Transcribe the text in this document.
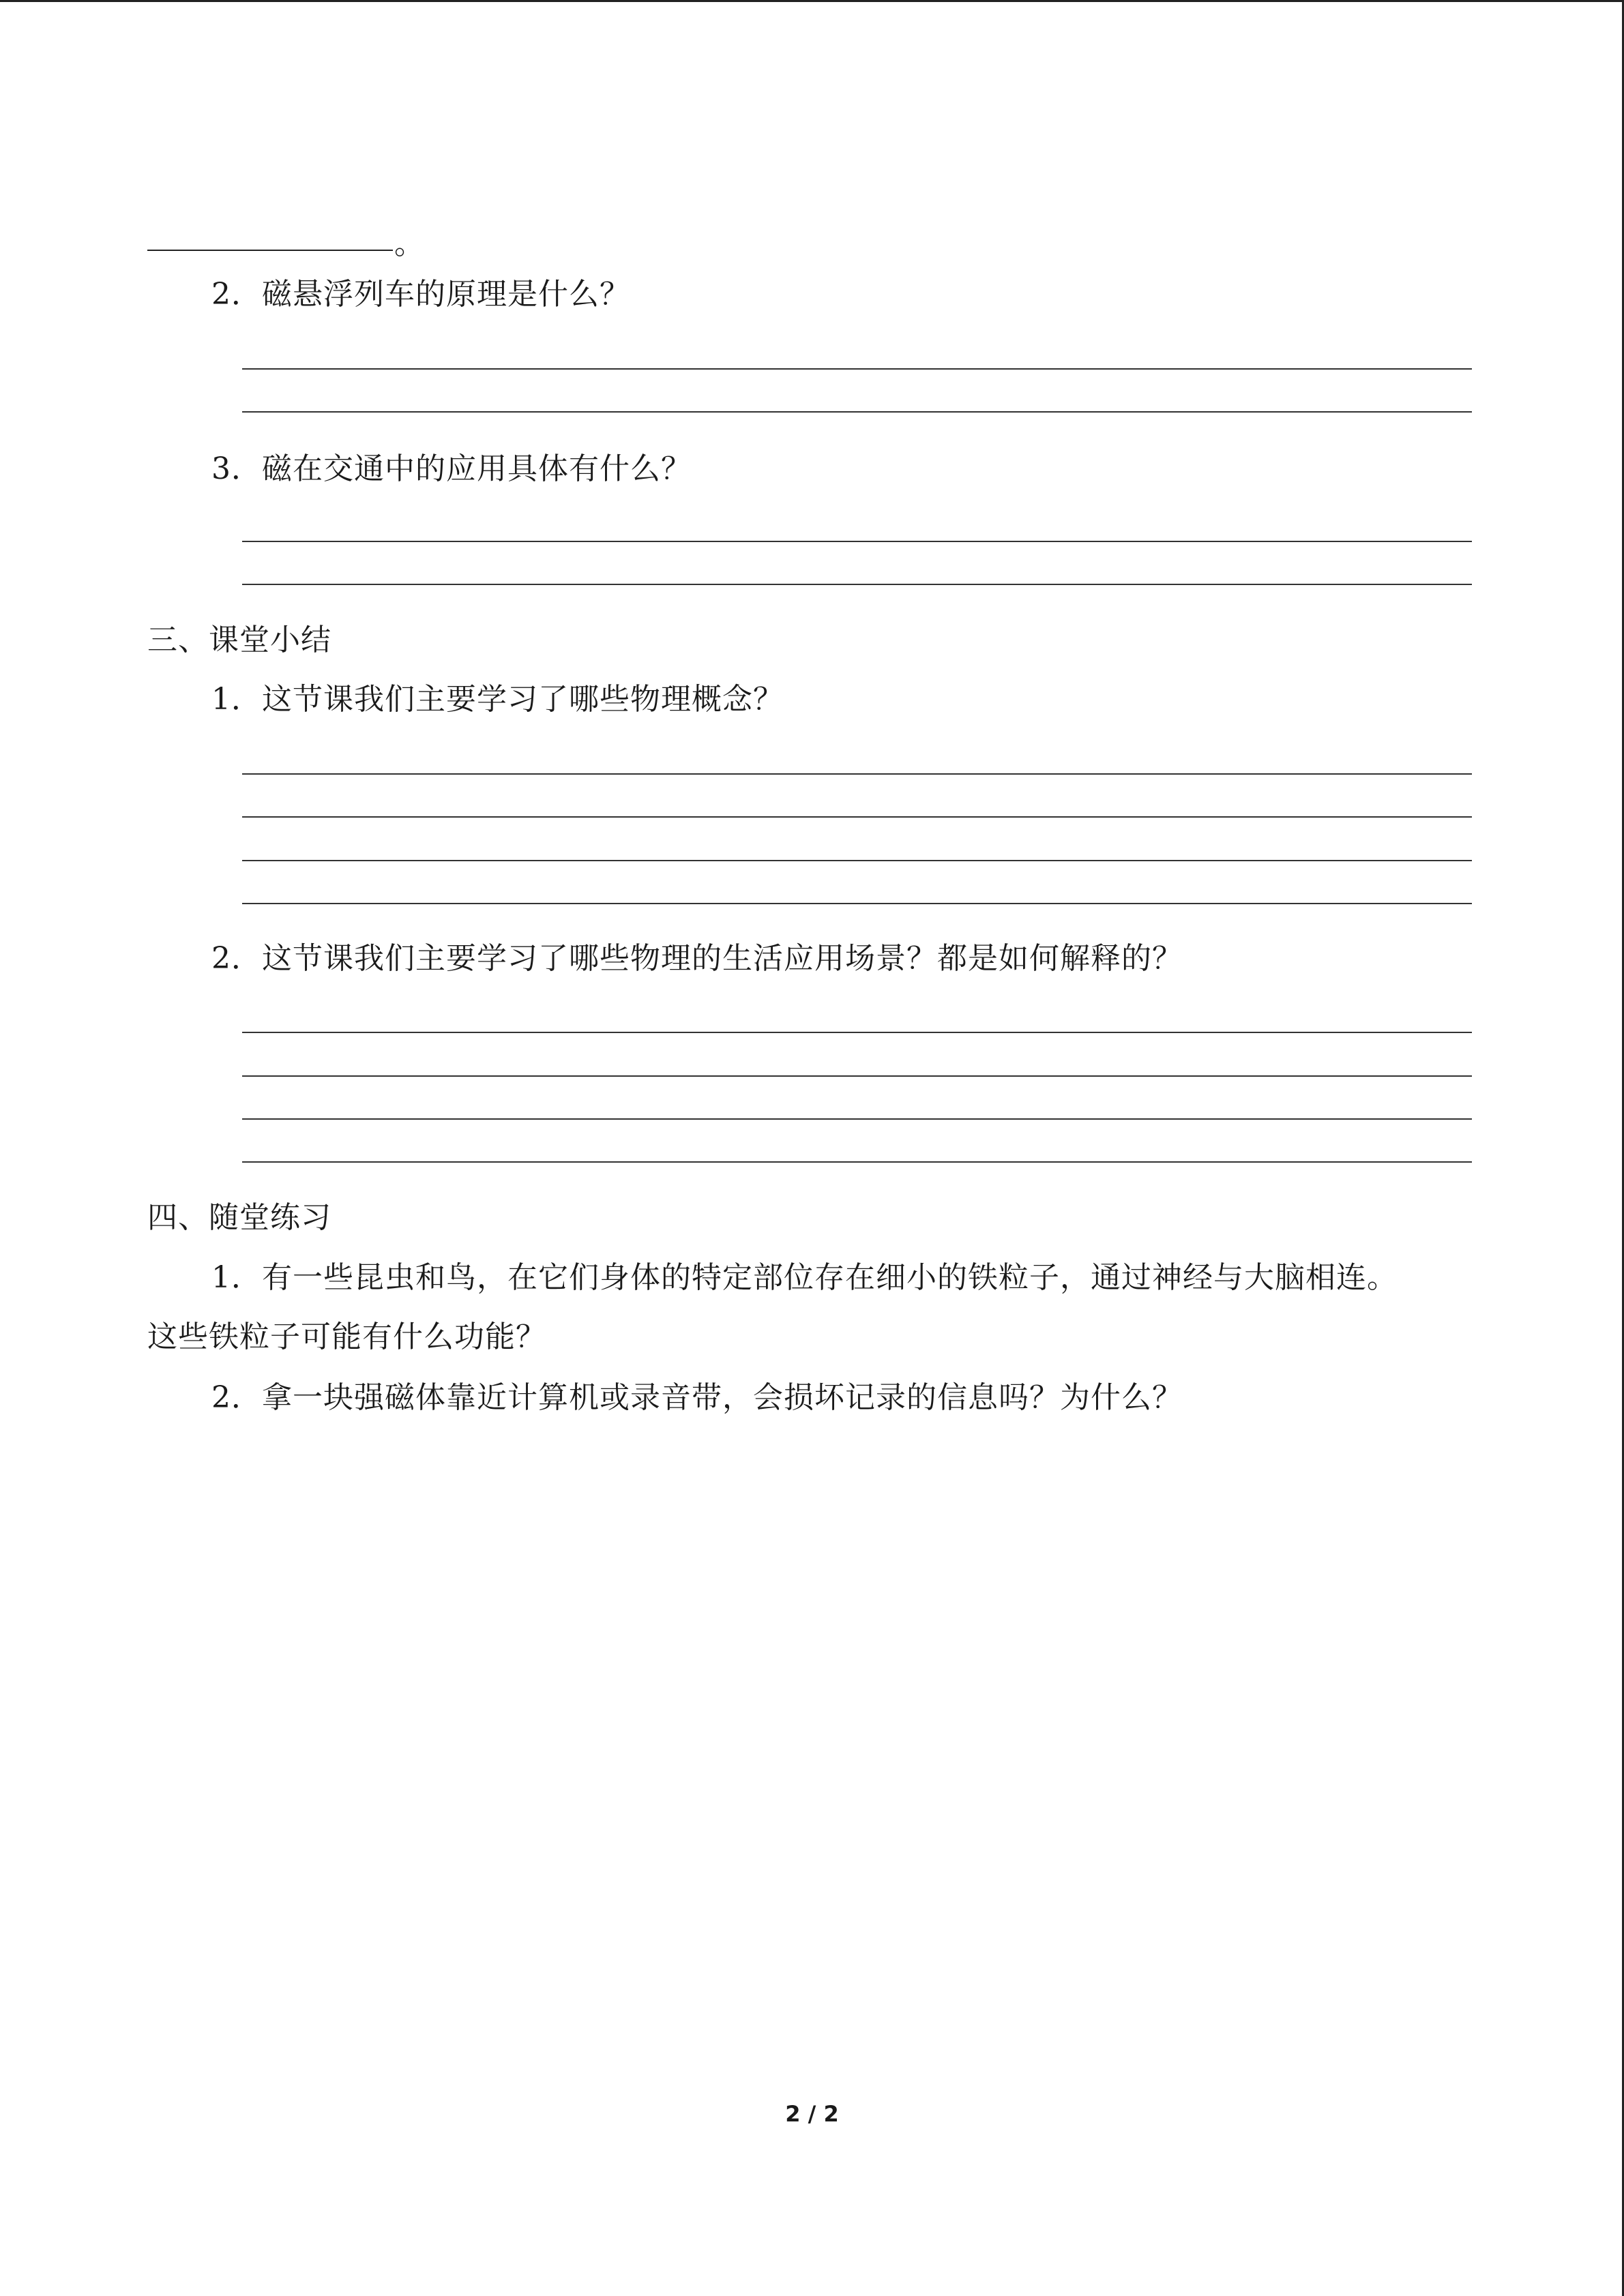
。
2．磁悬浮列车的原理是什么？
3．磁在交通中的应用具体有什么？
三、课堂小结
1．这节课我们主要学习了哪些物理概念？
2．这节课我们主要学习了哪些物理的生活应用场景？都是如何解释的？
四、随堂练习
1．有一些昆虫和鸟，在它们身体的特定部位存在细小的铁粒子，通过神经与大脑相连。
这些铁粒子可能有什么功能？
2．拿一块强磁体靠近计算机或录音带，会损坏记录的信息吗？为什么？
2 / 2
